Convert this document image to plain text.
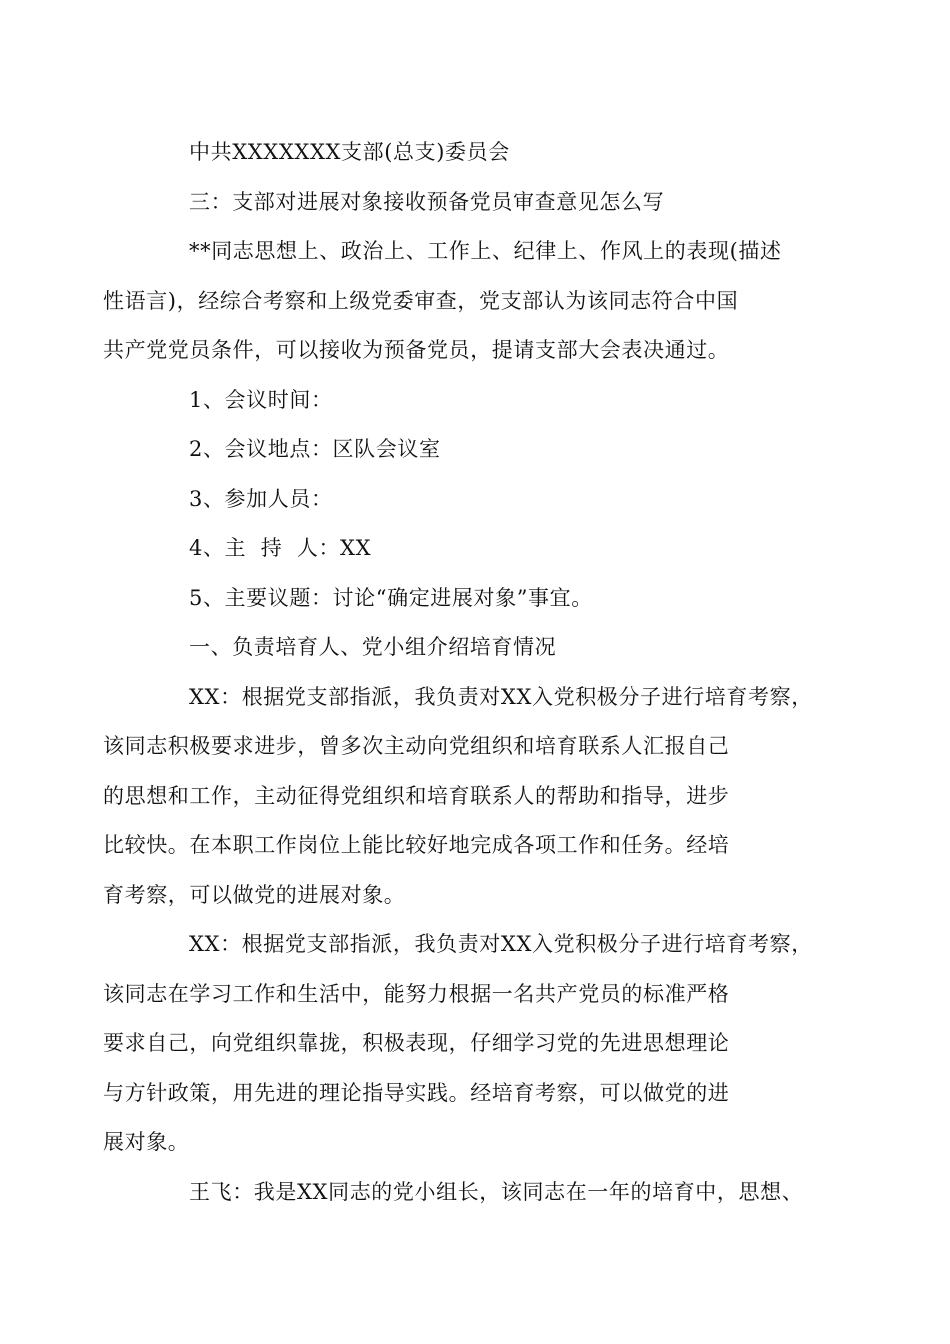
中共XXXXXXX支部(总支)委员会

三：支部对进展对象接收预备党员审查意见怎么写

**同志思想上、政治上、工作上、纪律上、作风上的表现(描述
性语言)，经综合考察和上级党委审查，党支部认为该同志符合中国
共产党党员条件，可以接收为预备党员，提请支部大会表决通过。

1、会议时间：

2、会议地点：区队会议室

3、参加人员：

4、主  持  人：XX

5、主要议题：讨论“确定进展对象”事宜。

一、负责培育人、党小组介绍培育情况

XX：根据党支部指派，我负责对XX入党积极分子进行培育考察，
该同志积极要求进步，曾多次主动向党组织和培育联系人汇报自己
的思想和工作，主动征得党组织和培育联系人的帮助和指导，进步
比较快。在本职工作岗位上能比较好地完成各项工作和任务。经培
育考察，可以做党的进展对象。

XX：根据党支部指派，我负责对XX入党积极分子进行培育考察，
该同志在学习工作和生活中，能努力根据一名共产党员的标准严格
要求自己，向党组织靠拢，积极表现，仔细学习党的先进思想理论
与方针政策，用先进的理论指导实践。经培育考察，可以做党的进
展对象。

王飞：我是XX同志的党小组长，该同志在一年的培育中，思想、
